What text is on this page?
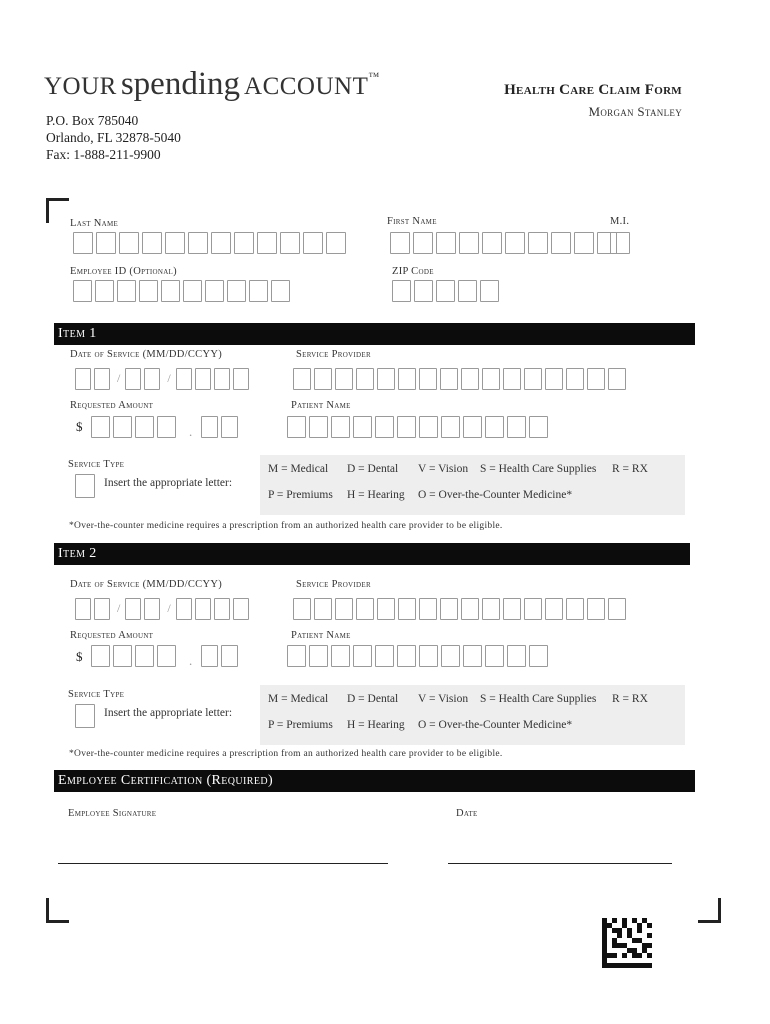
YOUR spending ACCOUNT™
P.O. Box 785040
Orlando, FL 32878-5040
Fax: 1-888-211-9900
Health Care Claim Form
Morgan Stanley
Last Name	First Name	M.I.
Employee ID (Optional)	ZIP Code
Item 1
Date of Service (MM/DD/CCYY)
/	/
Service Provider
Requested Amount
$	.
Patient Name
Service Type
Insert the appropriate letter:
M = Medical D = Dental V = Vision S = Health Care Supplies R = RX
P = Premiums H = Hearing O = Over-the-Counter Medicine*
*Over-the-counter medicine requires a prescription from an authorized health care provider to be eligible.
Item 2
Date of Service (MM/DD/CCYY)
/	/
Service Provider
Requested Amount
$	.
Patient Name
Service Type
Insert the appropriate letter:
M = Medical D = Dental V = Vision S = Health Care Supplies R = RX
P = Premiums H = Hearing O = Over-the-Counter Medicine*
*Over-the-counter medicine requires a prescription from an authorized health care provider to be eligible.
Employee Certification (Required)
Employee Signature	Date
